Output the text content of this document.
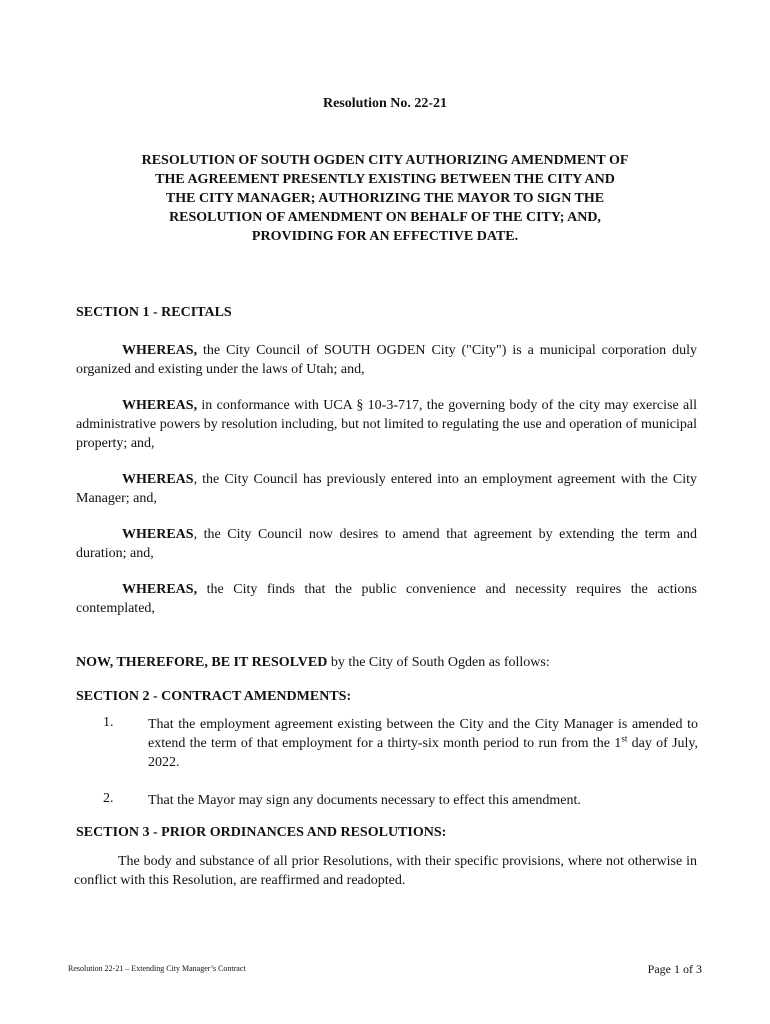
Resolution No. 22-21
RESOLUTION OF SOUTH OGDEN CITY AUTHORIZING AMENDMENT OF
THE AGREEMENT PRESENTLY EXISTING BETWEEN THE CITY AND
THE CITY MANAGER; AUTHORIZING THE MAYOR TO SIGN THE
RESOLUTION OF AMENDMENT ON BEHALF OF THE CITY; AND,
PROVIDING FOR AN EFFECTIVE DATE.
SECTION 1 - RECITALS
WHEREAS, the City Council of SOUTH OGDEN City ("City") is a municipal corporation duly organized and existing under the laws of Utah; and,
WHEREAS, in conformance with UCA § 10-3-717, the governing body of the city may exercise all administrative powers by resolution including, but not limited to regulating the use and operation of municipal property; and,
WHEREAS, the City Council has previously entered into an employment agreement with the City Manager; and,
WHEREAS, the City Council now desires to amend that agreement by extending the term and duration; and,
WHEREAS, the City finds that the public convenience and necessity requires the actions contemplated,
NOW, THEREFORE, BE IT RESOLVED by the City of South Ogden as follows:
SECTION 2 - CONTRACT AMENDMENTS:
1. That the employment agreement existing between the City and the City Manager is amended to extend the term of that employment for a thirty-six month period to run from the 1st day of July, 2022.
2. That the Mayor may sign any documents necessary to effect this amendment.
SECTION 3 - PRIOR ORDINANCES AND RESOLUTIONS:
The body and substance of all prior Resolutions, with their specific provisions, where not otherwise in conflict with this Resolution, are reaffirmed and readopted.
Resolution 22-21 – Extending City Manager’s Contract	Page 1 of 3
